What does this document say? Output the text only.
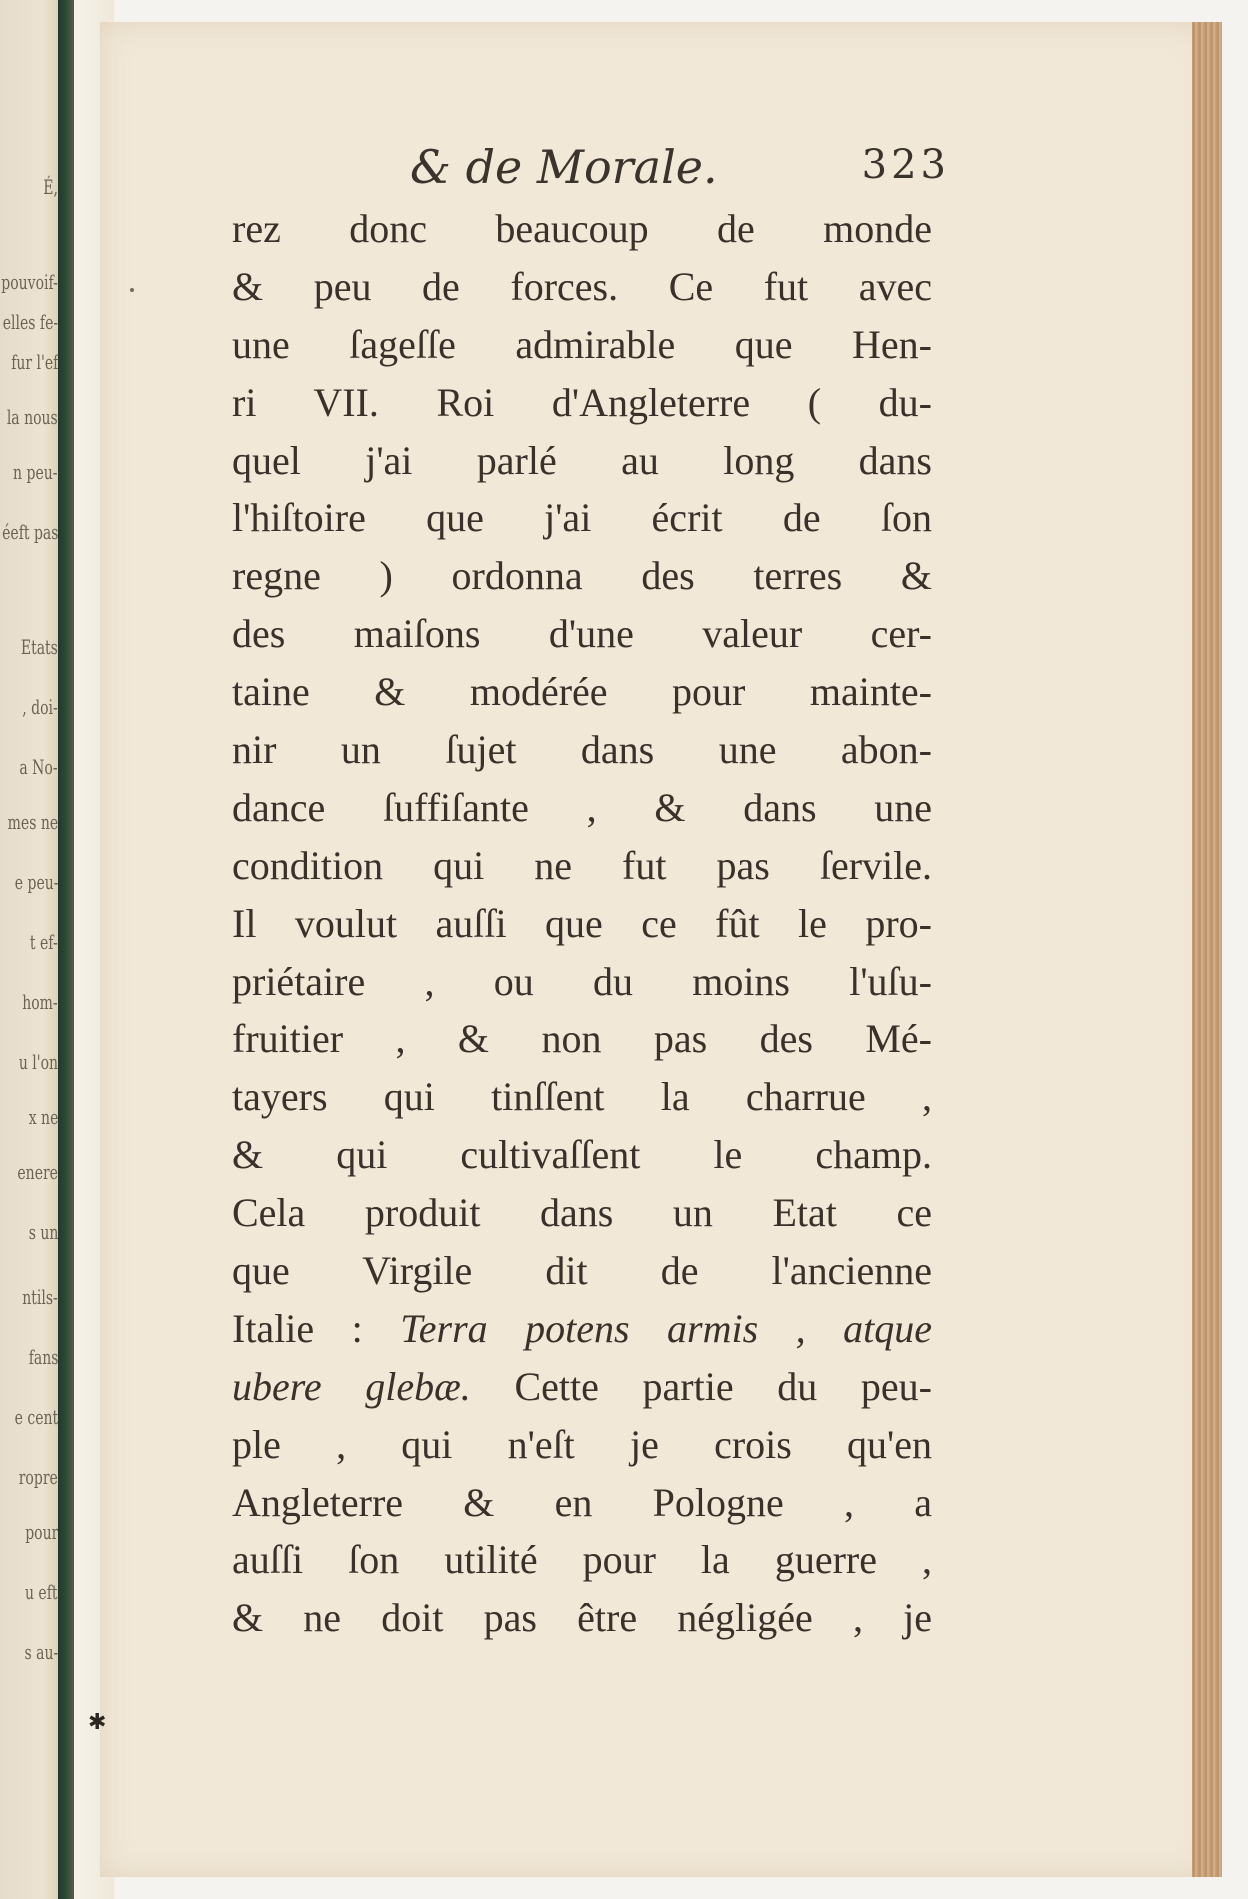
É,
pouvoif-
elles fe-
fur l'ef
la nous
n peu-
éeft pas
Etats
, doi-
a No-
mes ne
e peu-
t ef-
hom-
u l'on
x ne
enere
s un
ntils-
fans
e cent
ropre
pour
u eft
s au-
& de Morale.	323
rez donc beaucoup de monde
& peu de forces. Ce fut avec
une ſageſſe admirable que Hen-
ri VII. Roi d'Angleterre ( du-
quel j'ai parlé au long dans
l'hiſtoire que j'ai écrit de ſon
regne ) ordonna des terres &
des maiſons d'une valeur cer-
taine & modérée pour mainte-
nir un ſujet dans une abon-
dance ſuffiſante , & dans une
condition qui ne fut pas ſervile.
Il voulut auſſi que ce fût le pro-
priétaire , ou du moins l'uſu-
fruitier , & non pas des Mé-
tayers qui tinſſent la charrue ,
& qui cultivaſſent le champ.
Cela produit dans un Etat ce
que Virgile dit de l'ancienne
Italie : Terra potens armis , atque
ubere glebæ. Cette partie du peu-
ple , qui n'eſt je crois qu'en
Angleterre & en Pologne , a
auſſi ſon utilité pour la guerre ,
& ne doit pas être négligée , je
✱
